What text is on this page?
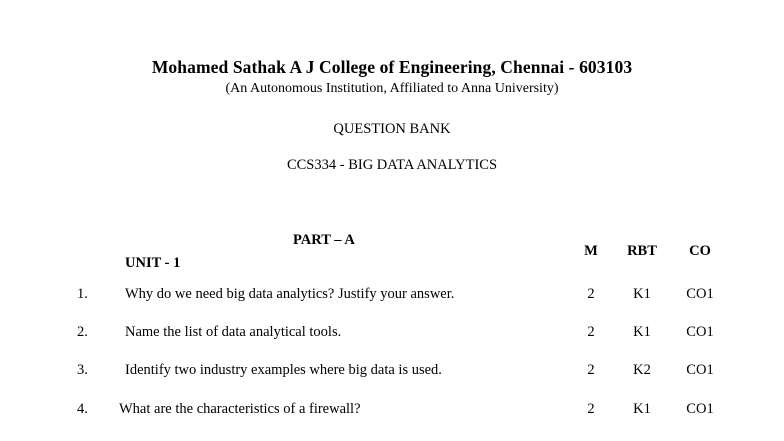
Mohamed Sathak A J College of Engineering, Chennai - 603103
(An Autonomous Institution, Affiliated to Anna University)
QUESTION BANK
CCS334 - BIG DATA ANALYTICS
PART – A
UNIT - 1
M	RBT	CO
1.	Why do we need big data analytics? Justify your answer.	2	K1	CO1
2.	Name the list of data analytical tools.	2	K1	CO1
3.	Identify two industry examples where big data is used.	2	K2	CO1
4. What are the characteristics of a firewall?	2	K1	CO1
